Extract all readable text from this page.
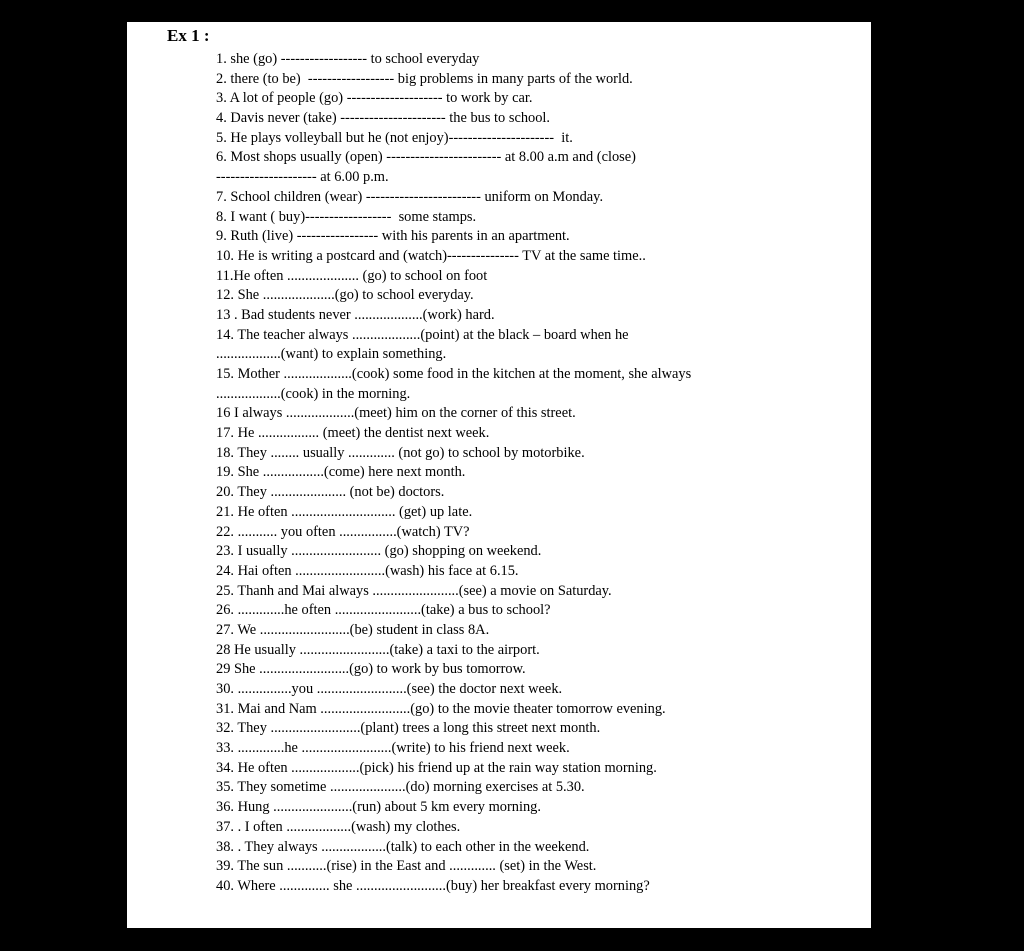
Ex 1 :
1. she (go) ------------------ to school everyday
2. there (to be)  ------------------ big problems in many parts of the world.
3. A lot of people (go) -------------------- to work by car.
4. Davis never (take) ---------------------- the bus to school.
5. He plays volleyball but he (not enjoy)----------------------  it.
6. Most shops usually (open) ------------------------ at 8.00 a.m and (close)
--------------------- at 6.00 p.m.
7. School children (wear) ------------------------ uniform on Monday.
8. I want ( buy)------------------  some stamps.
9. Ruth (live) ----------------- with his parents in an apartment.
10. He is writing a postcard and (watch)--------------- TV at the same time..
11.He often .................... (go) to school on foot
12. She ....................(go) to school everyday.
13 . Bad students never ...................(work) hard.
14. The teacher always ...................(point) at the black – board when he
..................(want) to explain something.
15. Mother ...................(cook) some food in the kitchen at the moment, she always
..................(cook) in the morning.
16 I always ...................(meet) him on the corner of this street.
17. He ................. (meet) the dentist next week.
18. They ........ usually ............. (not go) to school by motorbike.
19. She .................(come) here next month.
20. They ..................... (not be) doctors.
21. He often ............................. (get) up late.
22. ........... you often ................(watch) TV?
23. I usually ......................... (go) shopping on weekend.
24. Hai often .........................(wash) his face at 6.15.
25. Thanh and Mai always ........................(see) a movie on Saturday.
26. .............he often ........................(take) a bus to school?
27. We .........................(be) student in class 8A.
28 He usually .........................(take) a taxi to the airport.
29 She .........................(go) to work by bus tomorrow.
30. ...............you .........................(see) the doctor next week.
31. Mai and Nam .........................(go) to the movie theater tomorrow evening.
32. They .........................(plant) trees a long this street next month.
33. .............he .........................(write) to his friend next week.
34. He often ...................(pick) his friend up at the rain way station morning.
35. They sometime .....................(do) morning exercises at 5.30.
36. Hung ......................(run) about 5 km every morning.
37. . I often ..................(wash) my clothes.
38. . They always ..................(talk) to each other in the weekend.
39. The sun ...........(rise) in the East and ............. (set) in the West.
40. Where .............. she .........................(buy) her breakfast every morning?
